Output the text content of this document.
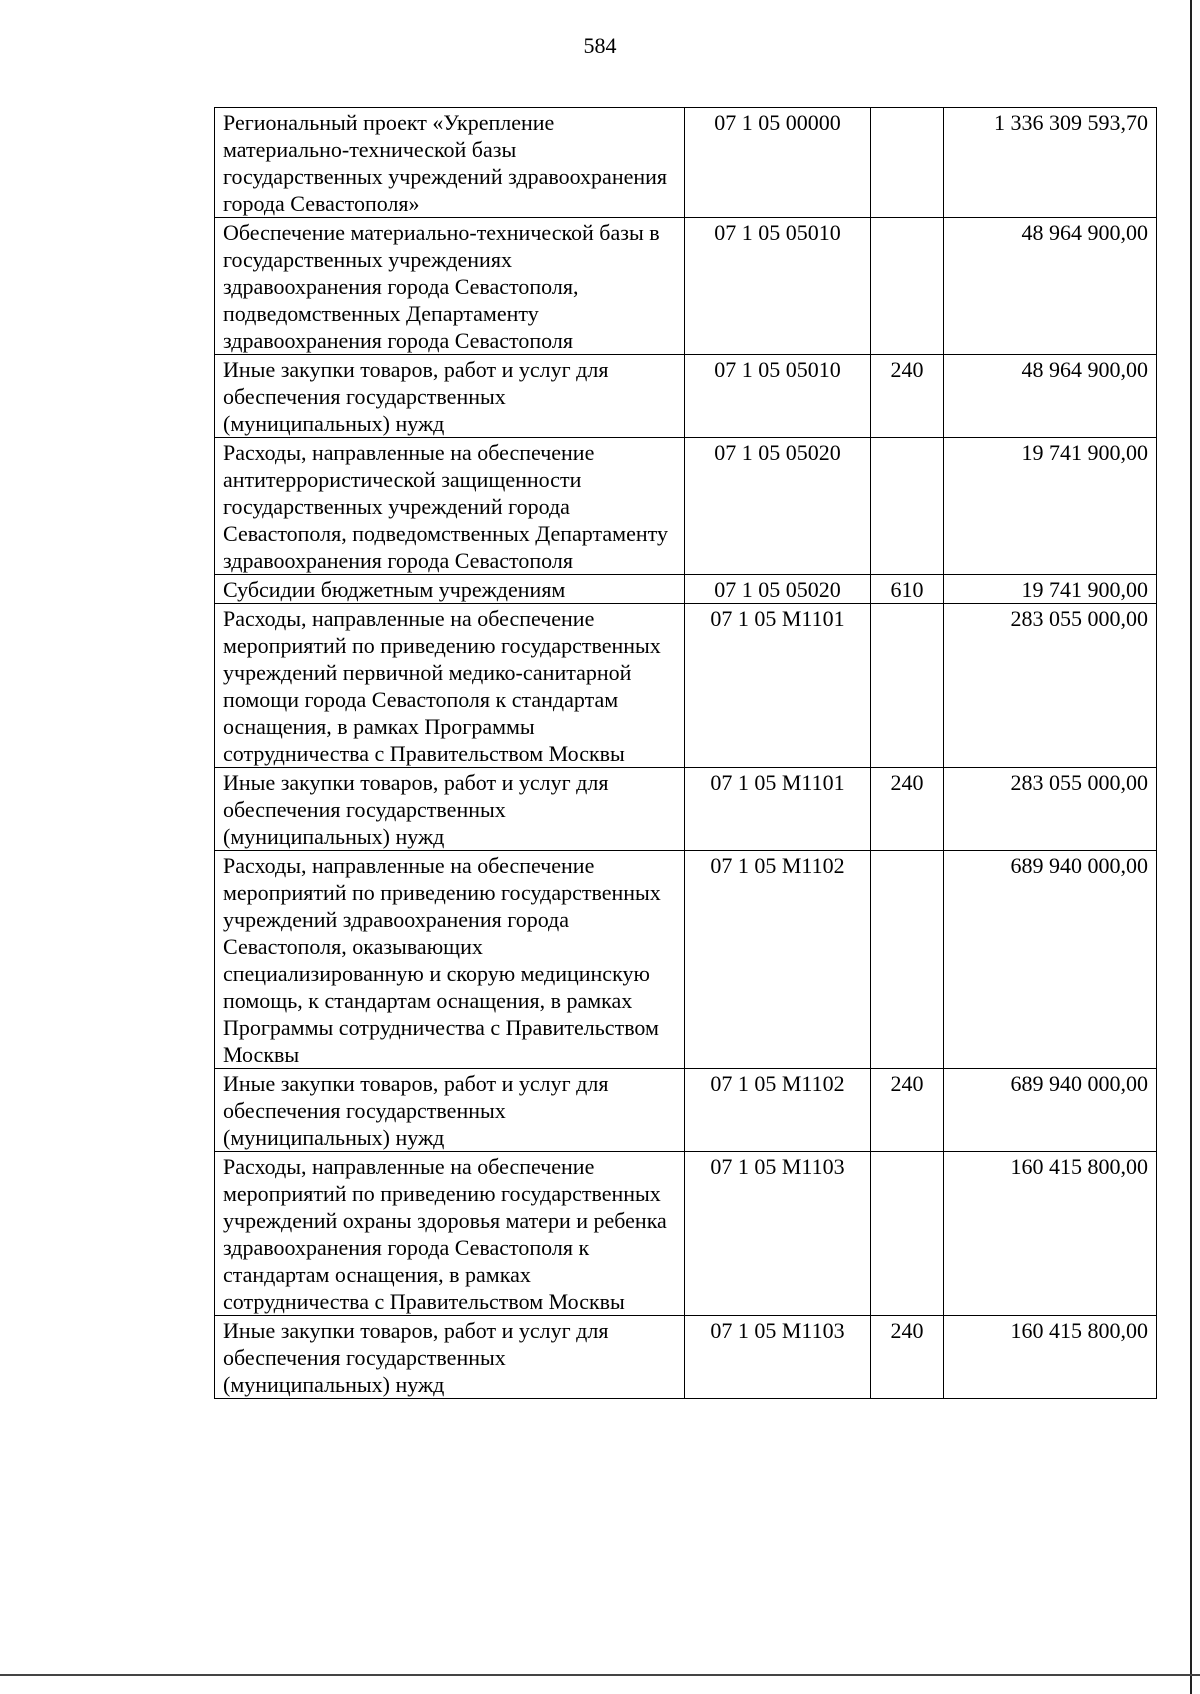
584
Региональный проект «Укрепление материально-технической базы государственных учреждений здравоохранения города Севастополя»	07 1 05 00000		1 336 309 593,70
Обеспечение материально-технической базы в государственных учреждениях здравоохранения города Севастополя, подведомственных Департаменту здравоохранения города Севастополя	07 1 05 05010		48 964 900,00
Иные закупки товаров, работ и услуг для обеспечения государственных (муниципальных) нужд	07 1 05 05010	240	48 964 900,00
Расходы, направленные на обеспечение антитеррористической защищенности государственных учреждений города Севастополя, подведомственных Департаменту здравоохранения города Севастополя	07 1 05 05020		19 741 900,00
Субсидии бюджетным учреждениям	07 1 05 05020	610	19 741 900,00
Расходы, направленные на обеспечение мероприятий по приведению государственных учреждений первичной медико-санитарной помощи города Севастополя к стандартам оснащения, в рамках Программы сотрудничества с Правительством Москвы	07 1 05 М1101		283 055 000,00
Иные закупки товаров, работ и услуг для обеспечения государственных (муниципальных) нужд	07 1 05 М1101	240	283 055 000,00
Расходы, направленные на обеспечение мероприятий по приведению государственных учреждений здравоохранения города Севастополя, оказывающих специализированную и скорую медицинскую помощь, к стандартам оснащения, в рамках Программы сотрудничества с Правительством Москвы	07 1 05 М1102		689 940 000,00
Иные закупки товаров, работ и услуг для обеспечения государственных (муниципальных) нужд	07 1 05 М1102	240	689 940 000,00
Расходы, направленные на обеспечение мероприятий по приведению государственных учреждений охраны здоровья матери и ребенка здравоохранения города Севастополя к стандартам оснащения, в рамках сотрудничества с Правительством Москвы	07 1 05 М1103		160 415 800,00
Иные закупки товаров, работ и услуг для обеспечения государственных (муниципальных) нужд	07 1 05 М1103	240	160 415 800,00
